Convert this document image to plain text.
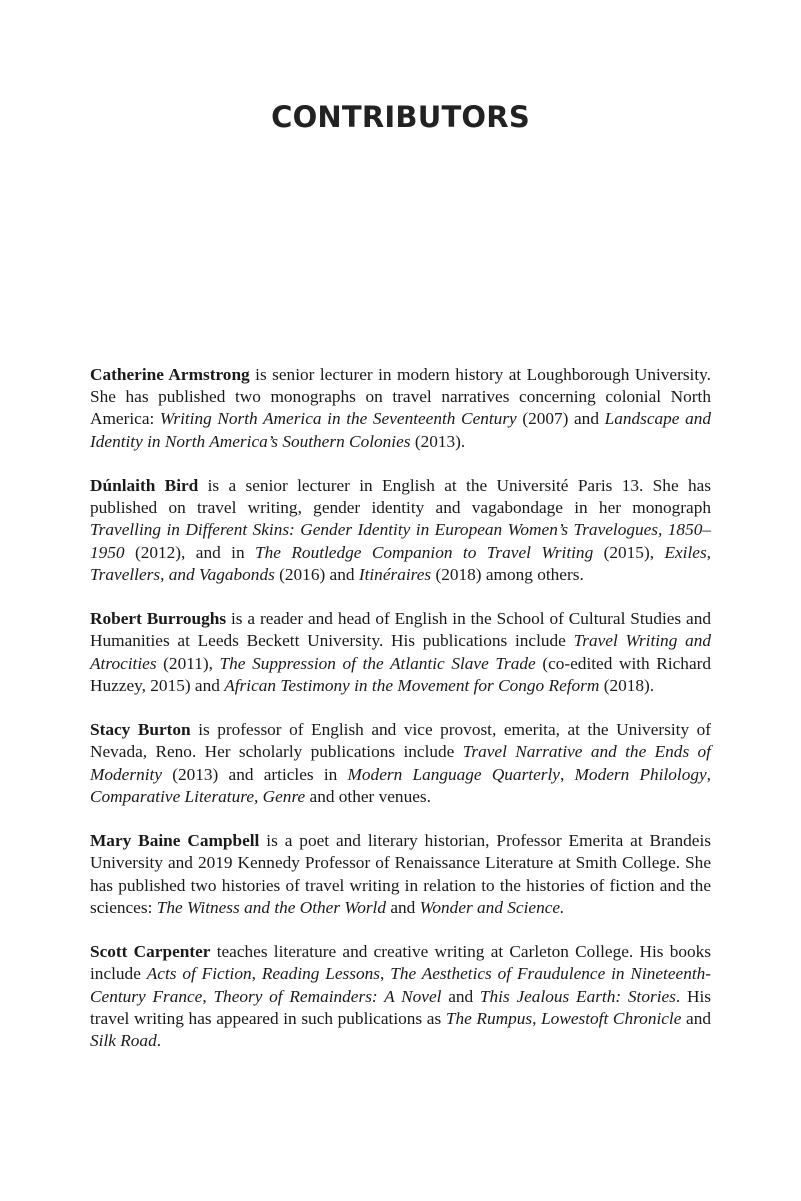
CONTRIBUTORS

Catherine Armstrong is senior lecturer in modern history at Loughborough University. She has published two monographs on travel narratives concerning colonial North America: Writing North America in the Seventeenth Century (2007) and Landscape and Identity in North America’s Southern Colonies (2013).

Dúnlaith Bird is a senior lecturer in English at the Université Paris 13. She has published on travel writing, gender identity and vagabondage in her monograph Travelling in Different Skins: Gender Identity in European Women’s Travelogues, 1850–1950 (2012), and in The Routledge Companion to Travel Writing (2015), Exiles, Travellers, and Vagabonds (2016) and Itinéraires (2018) among others.

Robert Burroughs is a reader and head of English in the School of Cultural Studies and Humanities at Leeds Beckett University. His publications include Travel Writing and Atrocities (2011), The Suppression of the Atlantic Slave Trade (co-edited with Richard Huzzey, 2015) and African Testimony in the Movement for Congo Reform (2018).

Stacy Burton is professor of English and vice provost, emerita, at the University of Nevada, Reno. Her scholarly publications include Travel Narrative and the Ends of Modernity (2013) and articles in Modern Language Quarterly, Modern Philology, Comparative Literature, Genre and other venues.

Mary Baine Campbell is a poet and literary historian, Professor Emerita at Brandeis University and 2019 Kennedy Professor of Renaissance Literature at Smith College. She has published two histories of travel writing in relation to the histories of fiction and the sciences: The Witness and the Other World and Wonder and Science.

Scott Carpenter teaches literature and creative writing at Carleton College. His books include Acts of Fiction, Reading Lessons, The Aesthetics of Fraudulence in Nineteenth-Century France, Theory of Remainders: A Novel and This Jealous Earth: Stories. His travel writing has appeared in such publications as The Rumpus, Lowestoft Chronicle and Silk Road.
